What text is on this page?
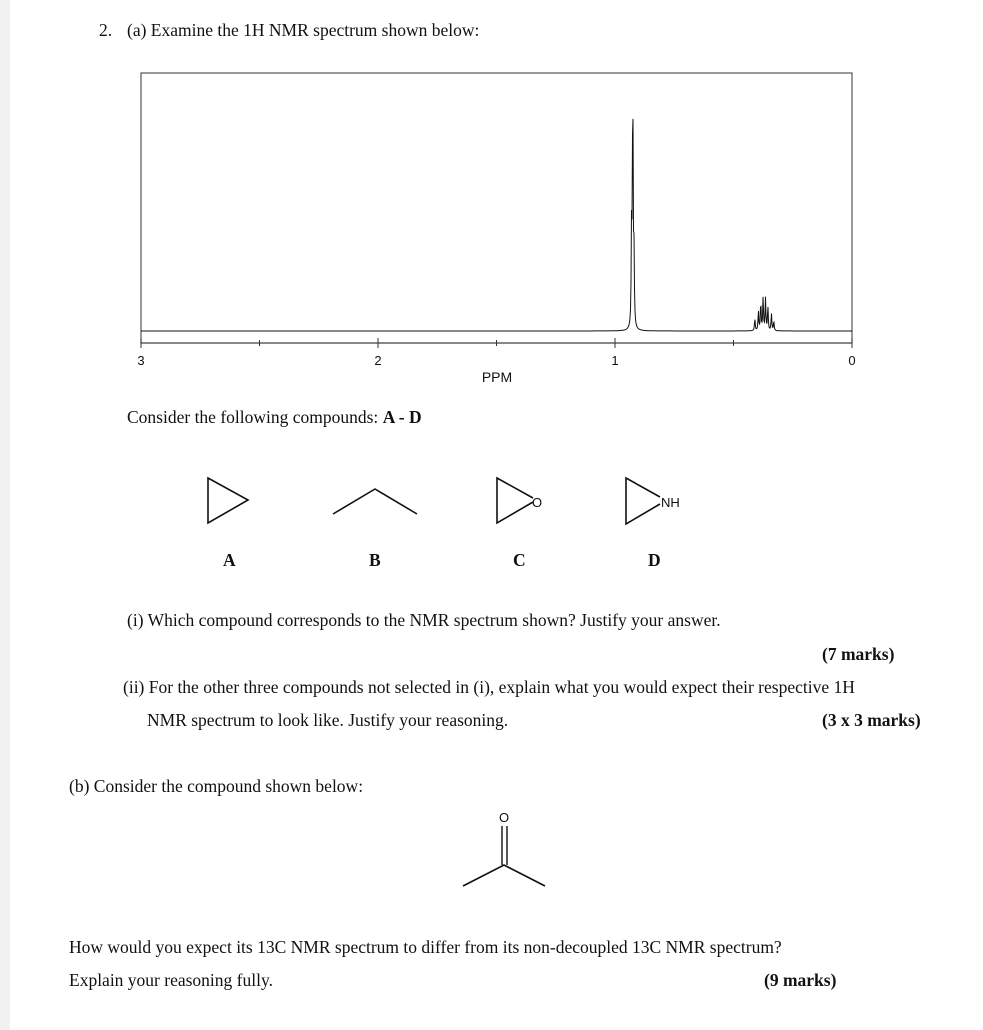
2. (a) Examine the 1H NMR spectrum shown below:
3	2	1	0
PPM
Consider the following compounds: A - D
O	NH
O
A	B	C	D
(i) Which compound corresponds to the NMR spectrum shown? Justify your answer.
(7 marks)
(ii) For the other three compounds not selected in (i), explain what you would expect their respective 1H
NMR spectrum to look like. Justify your reasoning.	(3 x 3 marks)
(b) Consider the compound shown below:
How would you expect its 13C NMR spectrum to differ from its non-decoupled 13C NMR spectrum?
Explain your reasoning fully.	(9 marks)
